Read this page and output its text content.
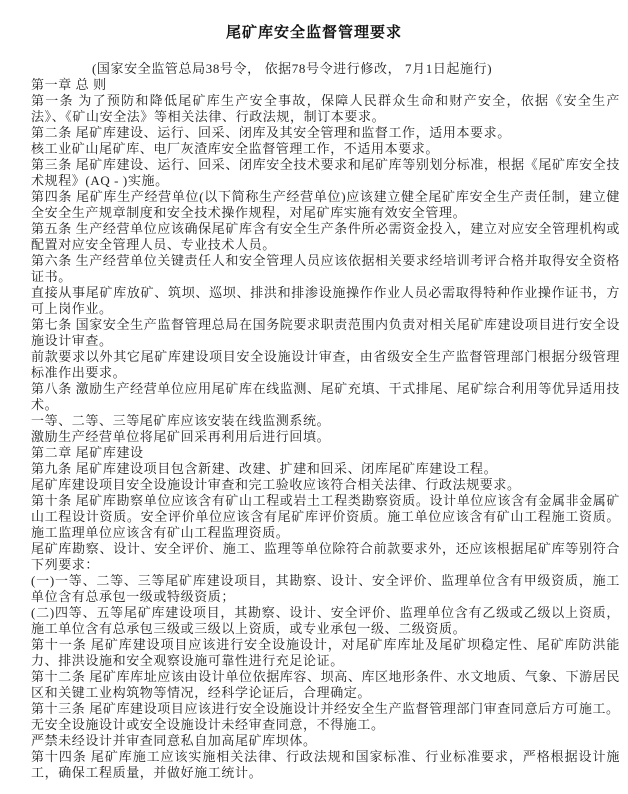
尾矿库安全监督管理要求
(国家安全监管总局38号令， 依据78号令进行修改， 7月1日起施行)

第一章 总 则

第一条 为了预防和降低尾矿库生产安全事故，保障人民群众生命和财产安全，依据《安全生产法》、《矿山安全法》等相关法律、行政法规，制订本要求。

第二条 尾矿库建设、运行、回采、闭库及其安全管理和监督工作，适用本要求。

核工业矿山尾矿库、电厂灰渣库安全监督管理工作，不适用本要求。

第三条 尾矿库建设、运行、回采、闭库安全技术要求和尾矿库等别划分标准，根据《尾矿库安全技术规程》(AQ - )实施。

第四条 尾矿库生产经营单位(以下简称生产经营单位)应该建立健全尾矿库安全生产责任制，建立健全安全生产规章制度和安全技术操作规程，对尾矿库实施有效安全管理。

第五条 生产经营单位应该确保尾矿库含有安全生产条件所必需资金投入，建立对应安全管理机构或配置对应安全管理人员、专业技术人员。

第六条 生产经营单位关键责任人和安全管理人员应该依据相关要求经培训考评合格并取得安全资格证书。

直接从事尾矿库放矿、筑坝、巡坝、排洪和排渗设施操作作业人员必需取得特种作业操作证书，方可上岗作业。

第七条 国家安全生产监督管理总局在国务院要求职责范围内负责对相关尾矿库建设项目进行安全设施设计审查。

前款要求以外其它尾矿库建设项目安全设施设计审查，由省级安全生产监督管理部门根据分级管理标准作出要求。

第八条 激励生产经营单位应用尾矿库在线监测、尾矿充填、干式排尾、尾矿综合利用等优异适用技术。

一等、二等、三等尾矿库应该安装在线监测系统。

激励生产经营单位将尾矿回采再利用后进行回填。

第二章 尾矿库建设

第九条 尾矿库建设项目包含新建、改建、扩建和回采、闭库尾矿库建设工程。

尾矿库建设项目安全设施设计审查和完工验收应该符合相关法律、行政法规要求。

第十条 尾矿库勘察单位应该含有矿山工程或岩土工程类勘察资质。设计单位应该含有金属非金属矿山工程设计资质。安全评价单位应该含有尾矿库评价资质。施工单位应该含有矿山工程施工资质。施工监理单位应该含有矿山工程监理资质。

尾矿库勘察、设计、安全评价、施工、监理等单位除符合前款要求外，还应该根据尾矿库等别符合下列要求：

(一)一等、二等、三等尾矿库建设项目，其勘察、设计、安全评价、监理单位含有甲级资质，施工单位含有总承包一级或特级资质；

(二)四等、五等尾矿库建设项目，其勘察、设计、安全评价、监理单位含有乙级或乙级以上资质，施工单位含有总承包三级或三级以上资质，或专业承包一级、二级资质。

第十一条 尾矿库建设项目应该进行安全设施设计，对尾矿库库址及尾矿坝稳定性、尾矿库防洪能力、排洪设施和安全观察设施可靠性进行充足论证。

第十二条 尾矿库库址应该由设计单位依据库容、坝高、库区地形条件、水文地质、气象、下游居民区和关键工业构筑物等情况，经科学论证后，合理确定。

第十三条 尾矿库建设项目应该进行安全设施设计并经安全生产监督管理部门审查同意后方可施工。

无安全设施设计或安全设施设计未经审查同意，不得施工。

严禁未经设计并审查同意私自加高尾矿库坝体。

第十四条 尾矿库施工应该实施相关法律、行政法规和国家标准、行业标准要求，严格根据设计施工，确保工程质量，并做好施工统计。
